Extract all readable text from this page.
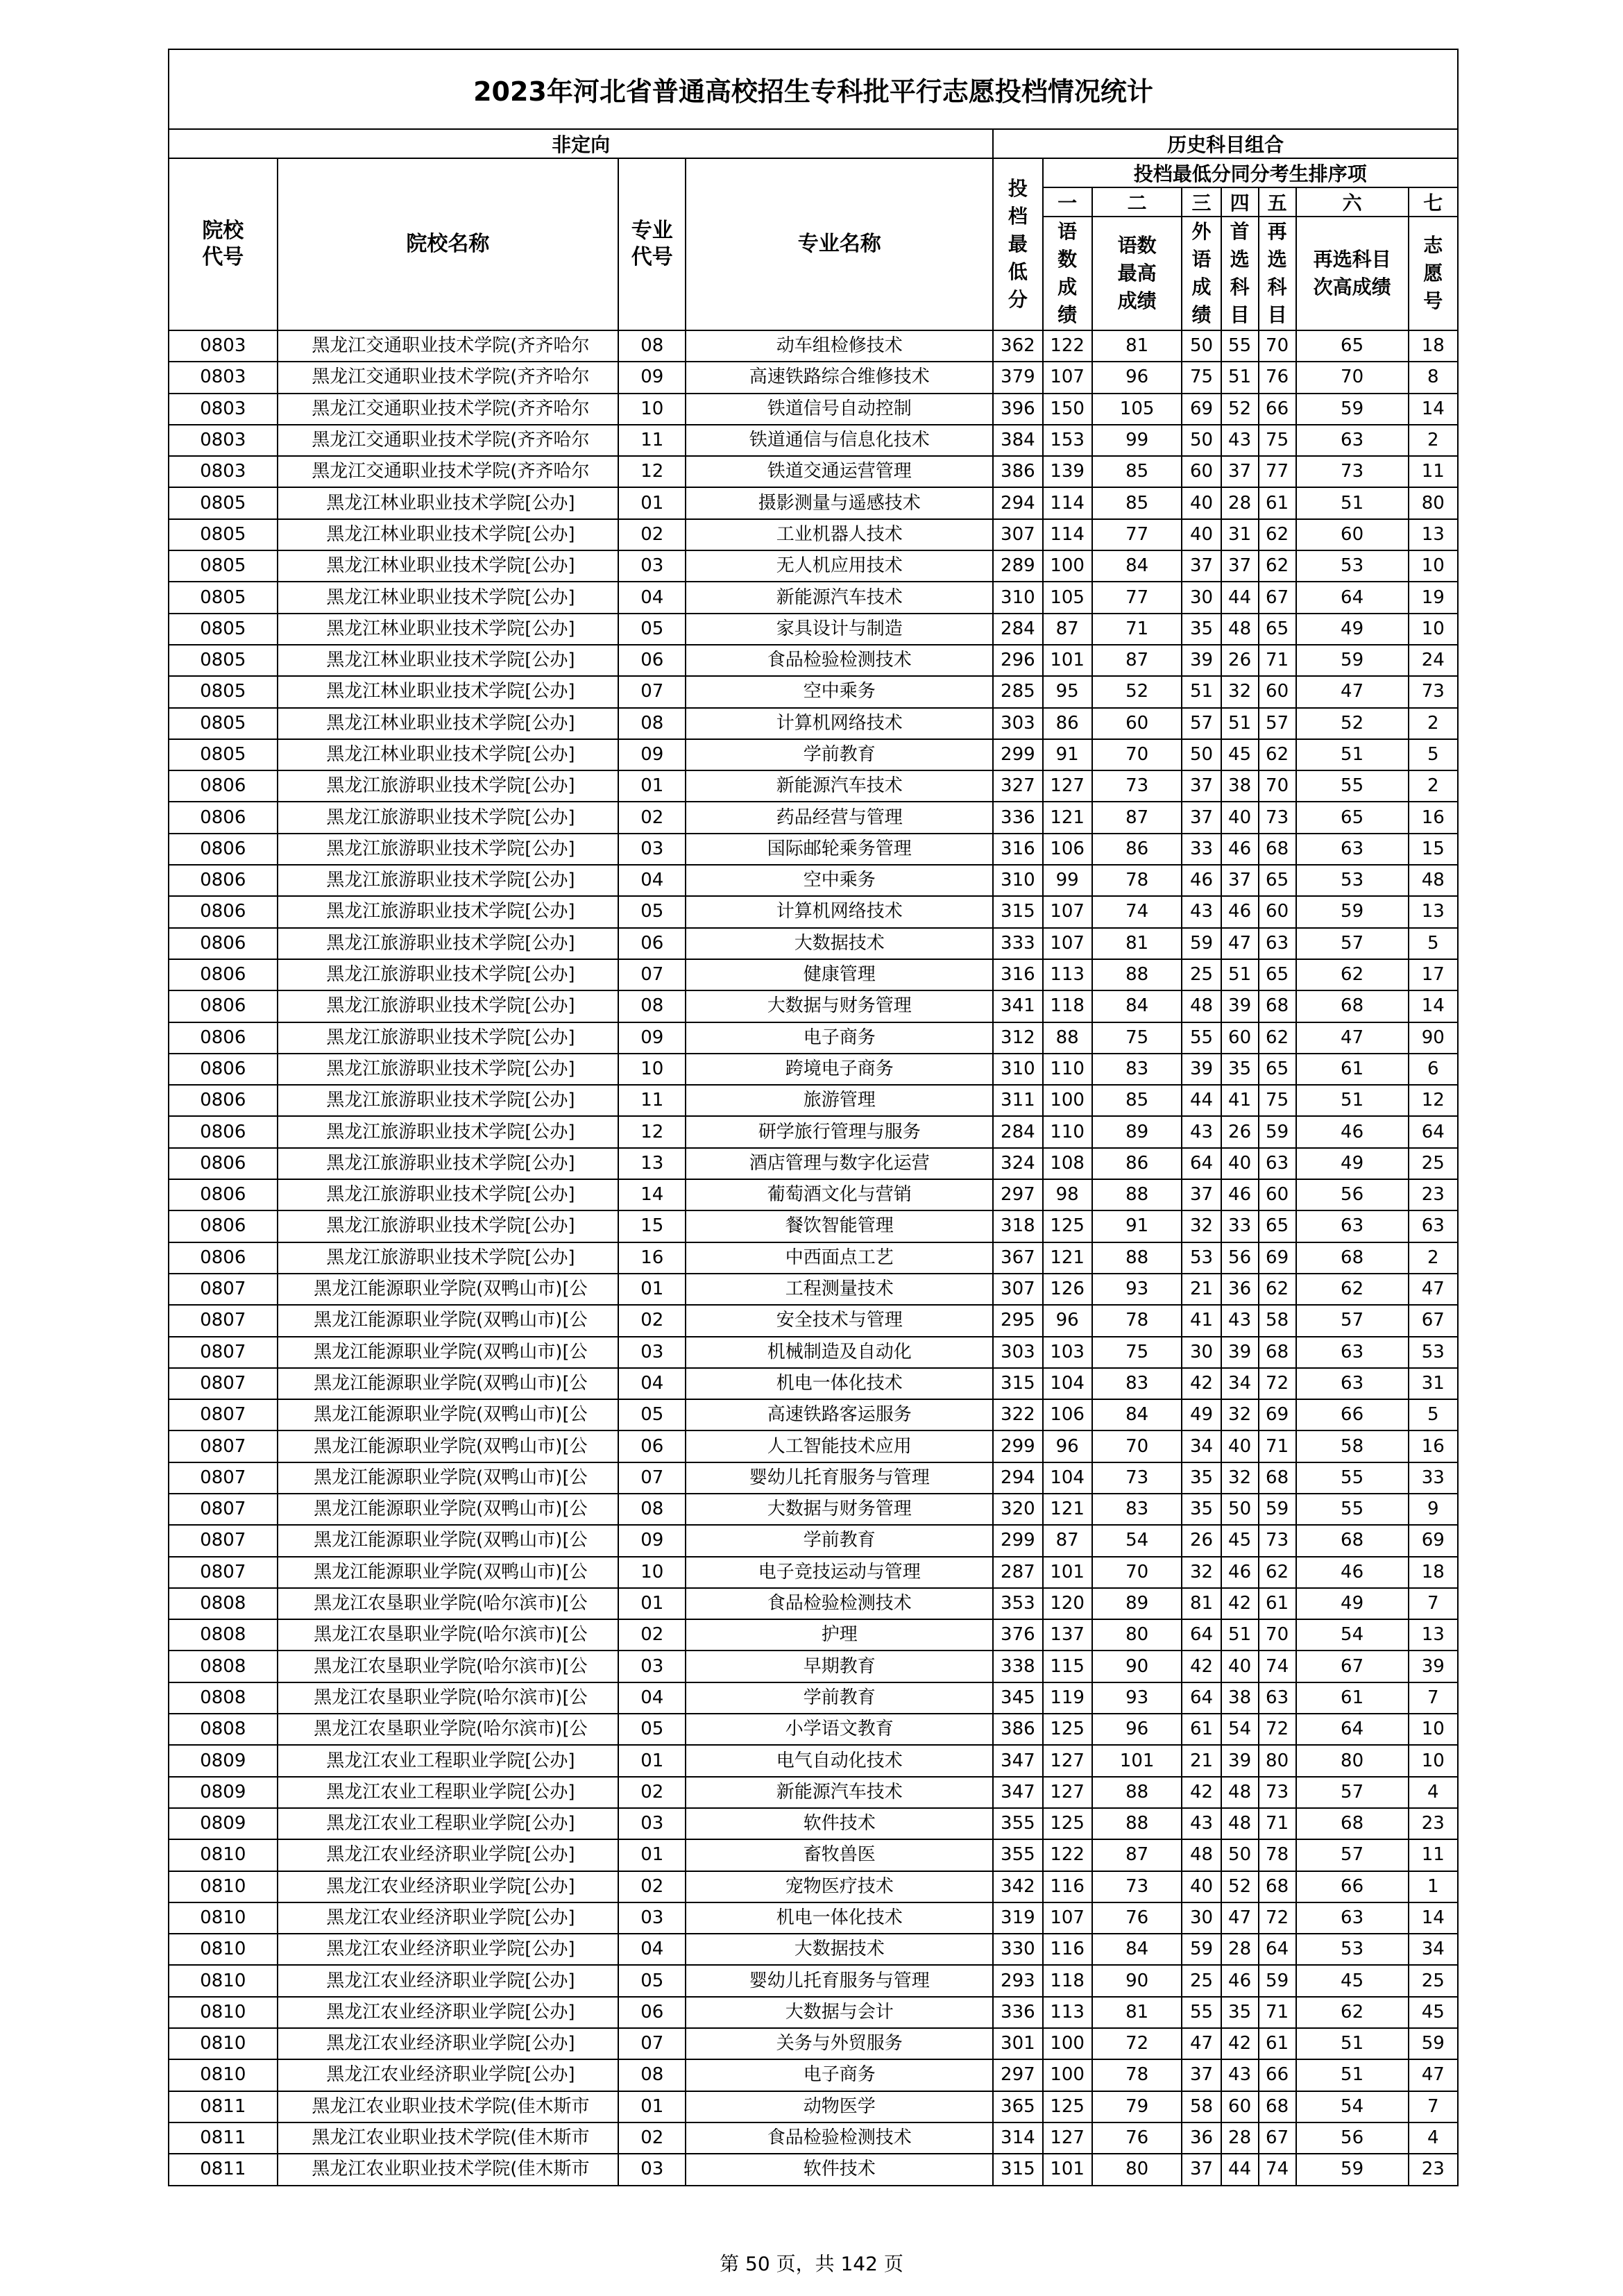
2023年河北省普通高校招生专科批平行志愿投档情况统计											
非定向				历史科目组合							

院校代号	院校名称	专业代号	专业名称	投档最低分	投档最低分同分考生排序项						
					一	二	三	四	五	六	七

					语数成绩	语数最高成绩	外语成绩	首选科目	再选科目	再选科目次高成绩	志愿号

0803	黑龙江交通职业技术学院(齐齐哈尔	08	动车组检修技术	362	122	81	50	55	70	65	18
0803	黑龙江交通职业技术学院(齐齐哈尔	09	高速铁路综合维修技术	379	107	96	75	51	76	70	8
0803	黑龙江交通职业技术学院(齐齐哈尔	10	铁道信号自动控制	396	150	105	69	52	66	59	14
0803	黑龙江交通职业技术学院(齐齐哈尔	11	铁道通信与信息化技术	384	153	99	50	43	75	63	2
0803	黑龙江交通职业技术学院(齐齐哈尔	12	铁道交通运营管理	386	139	85	60	37	77	73	11
0805	黑龙江林业职业技术学院[公办]	01	摄影测量与遥感技术	294	114	85	40	28	61	51	80
0805	黑龙江林业职业技术学院[公办]	02	工业机器人技术	307	114	77	40	31	62	60	13
0805	黑龙江林业职业技术学院[公办]	03	无人机应用技术	289	100	84	37	37	62	53	10
0805	黑龙江林业职业技术学院[公办]	04	新能源汽车技术	310	105	77	30	44	67	64	19
0805	黑龙江林业职业技术学院[公办]	05	家具设计与制造	284	87	71	35	48	65	49	10
0805	黑龙江林业职业技术学院[公办]	06	食品检验检测技术	296	101	87	39	26	71	59	24
0805	黑龙江林业职业技术学院[公办]	07	空中乘务	285	95	52	51	32	60	47	73
0805	黑龙江林业职业技术学院[公办]	08	计算机网络技术	303	86	60	57	51	57	52	2
0805	黑龙江林业职业技术学院[公办]	09	学前教育	299	91	70	50	45	62	51	5
0806	黑龙江旅游职业技术学院[公办]	01	新能源汽车技术	327	127	73	37	38	70	55	2
0806	黑龙江旅游职业技术学院[公办]	02	药品经营与管理	336	121	87	37	40	73	65	16
0806	黑龙江旅游职业技术学院[公办]	03	国际邮轮乘务管理	316	106	86	33	46	68	63	15
0806	黑龙江旅游职业技术学院[公办]	04	空中乘务	310	99	78	46	37	65	53	48
0806	黑龙江旅游职业技术学院[公办]	05	计算机网络技术	315	107	74	43	46	60	59	13
0806	黑龙江旅游职业技术学院[公办]	06	大数据技术	333	107	81	59	47	63	57	5
0806	黑龙江旅游职业技术学院[公办]	07	健康管理	316	113	88	25	51	65	62	17
0806	黑龙江旅游职业技术学院[公办]	08	大数据与财务管理	341	118	84	48	39	68	68	14
0806	黑龙江旅游职业技术学院[公办]	09	电子商务	312	88	75	55	60	62	47	90
0806	黑龙江旅游职业技术学院[公办]	10	跨境电子商务	310	110	83	39	35	65	61	6
0806	黑龙江旅游职业技术学院[公办]	11	旅游管理	311	100	85	44	41	75	51	12
0806	黑龙江旅游职业技术学院[公办]	12	研学旅行管理与服务	284	110	89	43	26	59	46	64
0806	黑龙江旅游职业技术学院[公办]	13	酒店管理与数字化运营	324	108	86	64	40	63	49	25
0806	黑龙江旅游职业技术学院[公办]	14	葡萄酒文化与营销	297	98	88	37	46	60	56	23
0806	黑龙江旅游职业技术学院[公办]	15	餐饮智能管理	318	125	91	32	33	65	63	63
0806	黑龙江旅游职业技术学院[公办]	16	中西面点工艺	367	121	88	53	56	69	68	2
0807	黑龙江能源职业学院(双鸭山市)[公	01	工程测量技术	307	126	93	21	36	62	62	47
0807	黑龙江能源职业学院(双鸭山市)[公	02	安全技术与管理	295	96	78	41	43	58	57	67
0807	黑龙江能源职业学院(双鸭山市)[公	03	机械制造及自动化	303	103	75	30	39	68	63	53
0807	黑龙江能源职业学院(双鸭山市)[公	04	机电一体化技术	315	104	83	42	34	72	63	31
0807	黑龙江能源职业学院(双鸭山市)[公	05	高速铁路客运服务	322	106	84	49	32	69	66	5
0807	黑龙江能源职业学院(双鸭山市)[公	06	人工智能技术应用	299	96	70	34	40	71	58	16
0807	黑龙江能源职业学院(双鸭山市)[公	07	婴幼儿托育服务与管理	294	104	73	35	32	68	55	33
0807	黑龙江能源职业学院(双鸭山市)[公	08	大数据与财务管理	320	121	83	35	50	59	55	9
0807	黑龙江能源职业学院(双鸭山市)[公	09	学前教育	299	87	54	26	45	73	68	69
0807	黑龙江能源职业学院(双鸭山市)[公	10	电子竞技运动与管理	287	101	70	32	46	62	46	18
0808	黑龙江农垦职业学院(哈尔滨市)[公	01	食品检验检测技术	353	120	89	81	42	61	49	7
0808	黑龙江农垦职业学院(哈尔滨市)[公	02	护理	376	137	80	64	51	70	54	13
0808	黑龙江农垦职业学院(哈尔滨市)[公	03	早期教育	338	115	90	42	40	74	67	39
0808	黑龙江农垦职业学院(哈尔滨市)[公	04	学前教育	345	119	93	64	38	63	61	7
0808	黑龙江农垦职业学院(哈尔滨市)[公	05	小学语文教育	386	125	96	61	54	72	64	10
0809	黑龙江农业工程职业学院[公办]	01	电气自动化技术	347	127	101	21	39	80	80	10
0809	黑龙江农业工程职业学院[公办]	02	新能源汽车技术	347	127	88	42	48	73	57	4
0809	黑龙江农业工程职业学院[公办]	03	软件技术	355	125	88	43	48	71	68	23
0810	黑龙江农业经济职业学院[公办]	01	畜牧兽医	355	122	87	48	50	78	57	11
0810	黑龙江农业经济职业学院[公办]	02	宠物医疗技术	342	116	73	40	52	68	66	1
0810	黑龙江农业经济职业学院[公办]	03	机电一体化技术	319	107	76	30	47	72	63	14
0810	黑龙江农业经济职业学院[公办]	04	大数据技术	330	116	84	59	28	64	53	34
0810	黑龙江农业经济职业学院[公办]	05	婴幼儿托育服务与管理	293	118	90	25	46	59	45	25
0810	黑龙江农业经济职业学院[公办]	06	大数据与会计	336	113	81	55	35	71	62	45
0810	黑龙江农业经济职业学院[公办]	07	关务与外贸服务	301	100	72	47	42	61	51	59
0810	黑龙江农业经济职业学院[公办]	08	电子商务	297	100	78	37	43	66	51	47
0811	黑龙江农业职业技术学院(佳木斯市	01	动物医学	365	125	79	58	60	68	54	7
0811	黑龙江农业职业技术学院(佳木斯市	02	食品检验检测技术	314	127	76	36	28	67	56	4
0811	黑龙江农业职业技术学院(佳木斯市	03	软件技术	315	101	80	37	44	74	59	23
第 50 页，共 142 页
